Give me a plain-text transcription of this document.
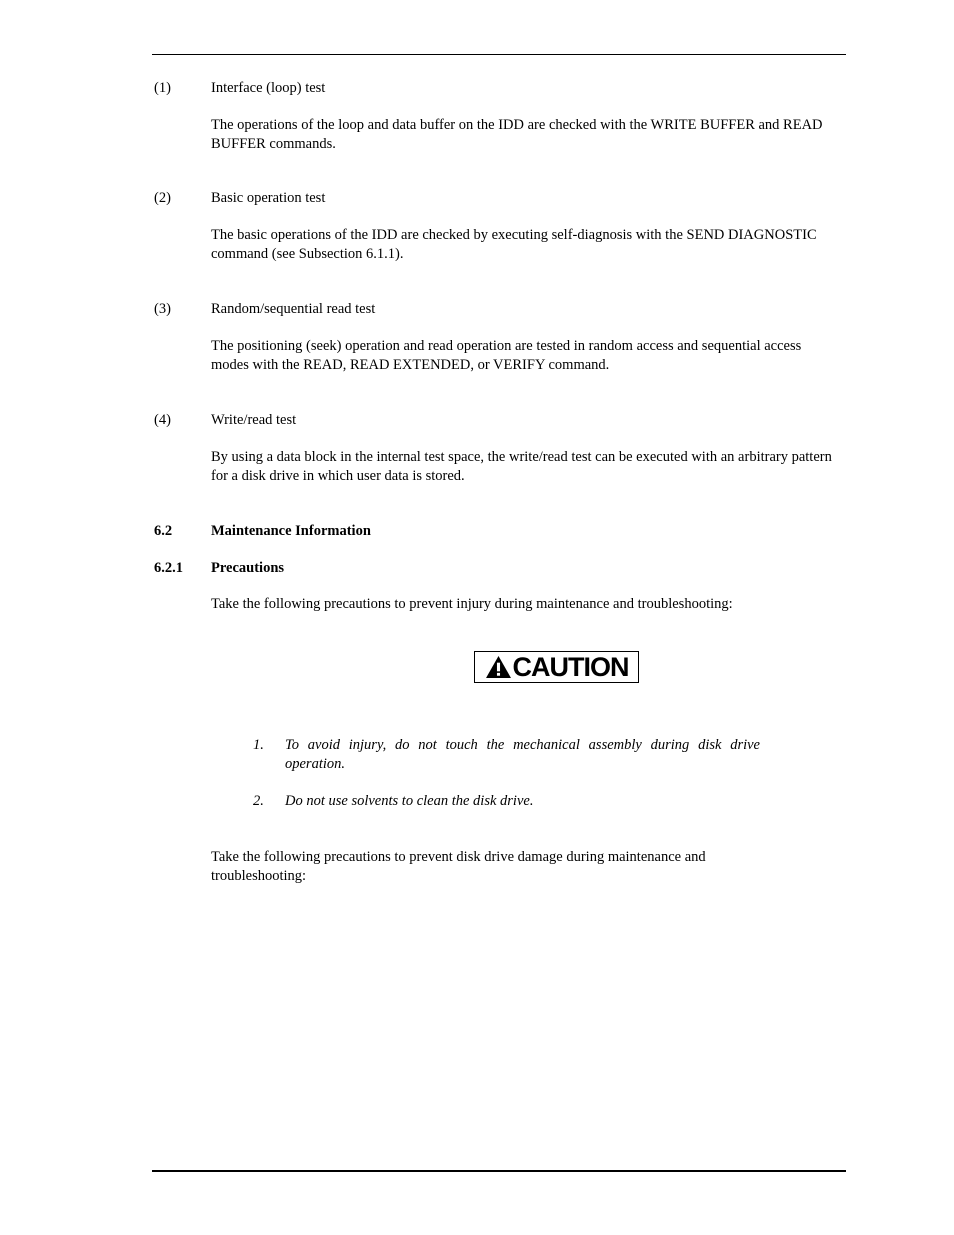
(1)	Interface (loop) test

The operations of the loop and data buffer on the IDD are checked with the WRITE BUFFER and READ BUFFER commands.

(2)	Basic operation test

The basic operations of the IDD are checked by executing self-diagnosis with the SEND DIAGNOSTIC command (see Subsection 6.1.1).

(3)	Random/sequential read test

The positioning (seek) operation and read operation are tested in random access and sequential access modes with the READ, READ EXTENDED, or VERIFY command.

(4)	Write/read test

By using a data block in the internal test space, the write/read test can be executed with an arbitrary pattern for a disk drive in which user data is stored.

6.2	Maintenance Information
6.2.1 Precautions

Take the following precautions to prevent injury during maintenance and troubleshooting:

CAUTION
1. To avoid injury, do not touch the mechanical assembly during disk drive operation.

2. Do not use solvents to clean the disk drive.

Take the following precautions to prevent disk drive damage during maintenance and troubleshooting:
